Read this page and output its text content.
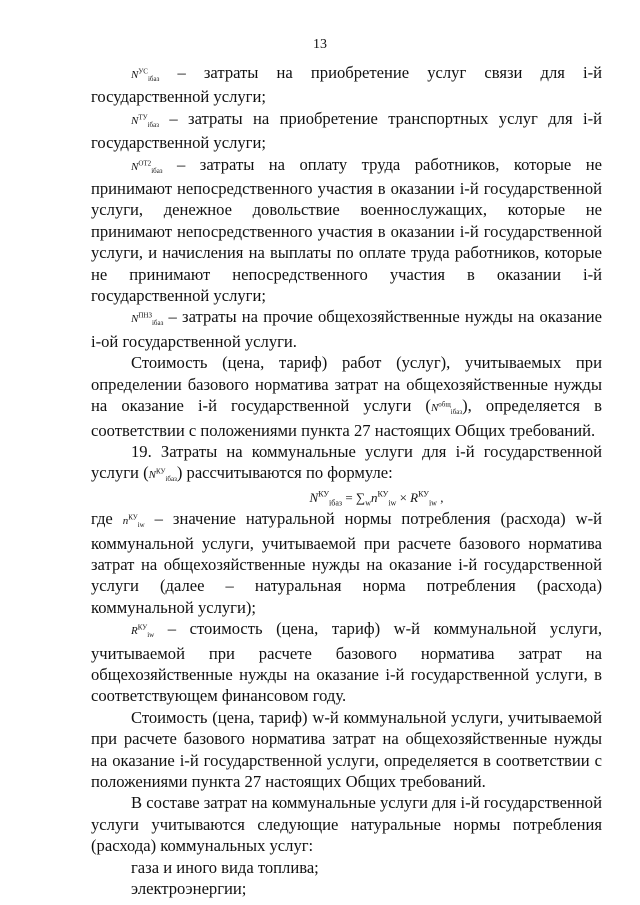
13

$N^{УС}_{iбаз}$ – затраты на приобретение услуг связи для i-й государственной услуги;

$N^{ТУ}_{iбаз}$ – затраты на приобретение транспортных услуг для i-й государственной услуги;

$N^{ОТ2}_{iбаз}$ – затраты на оплату труда работников, которые не принимают непосредственного участия в оказании i-й государственной услуги, денежное довольствие военнослужащих, которые не принимают непосредственного участия в оказании i-й государственной услуги, и начисления на выплаты по оплате труда работников, которые не принимают непосредственного участия в оказании i-й государственной услуги;

$N^{ПНЗ}_{iбаз}$ – затраты на прочие общехозяйственные нужды на оказание i-ой государственной услуги.

Стоимость (цена, тариф) работ (услуг), учитываемых при определении базового норматива затрат на общехозяйственные нужды на оказание i-й государственной услуги $(N^{общ}_{iбаз})$, определяется в соответствии с положениями пункта 27 настоящих Общих требований.

19. Затраты на коммунальные услуги для i-й государственной услуги $(N^{КУ}_{iбаз})$ рассчитываются по формуле:

$N^{КУ}_{iбаз} = \sum_wn^{КУ}_{iw} \times R^{КУ}_{iw}$ ,

где $n^{КУ}_{iw}$ – значение натуральной нормы потребления (расхода) w-й коммунальной услуги, учитываемой при расчете базового норматива затрат на общехозяйственные нужды на оказание i-й государственной услуги (далее – натуральная норма потребления (расхода) коммунальной услуги);

$R^{КУ}_{iw}$ – стоимость (цена, тариф) w-й коммунальной услуги, учитываемой при расчете базового норматива затрат на общехозяйственные нужды на оказание i-й государственной услуги, в соответствующем финансовом году.

Стоимость (цена, тариф) w-й коммунальной услуги, учитываемой при расчете базового норматива затрат на общехозяйственные нужды на оказание i-й государственной услуги, определяется в соответствии с положениями пункта 27 настоящих Общих требований.

В составе затрат на коммунальные услуги для i-й государственной услуги учитываются следующие натуральные нормы потребления (расхода) коммунальных услуг:

газа и иного вида топлива;

электроэнергии;
